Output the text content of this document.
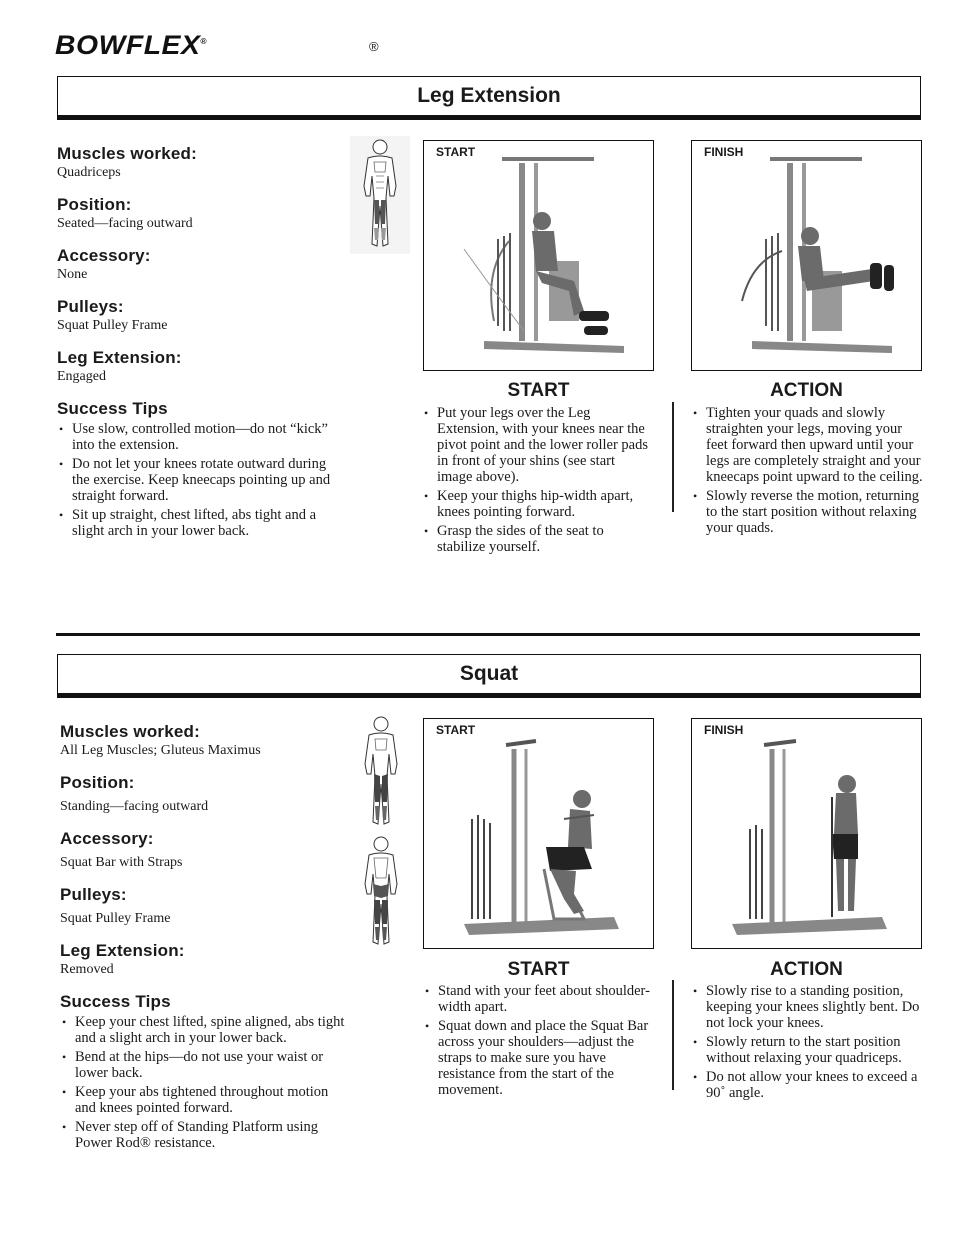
BOWFLEX®	®
Leg Extension
Muscles worked:
Quadriceps
Position:
Seated—facing outward
Accessory:
None
Pulleys:
Squat Pulley Frame
Leg Extension:
Engaged
Success Tips
• Use slow, controlled motion—do not “kick” into the extension.
• Do not let your knees rotate outward during the exercise. Keep kneecaps pointing up and straight forward.
• Sit up straight, chest lifted, abs tight and a slight arch in your lower back.
START	FINISH
START
• Put your legs over the Leg Extension, with your knees near the pivot point and the lower roller pads in front of your shins (see start image above).
• Keep your thighs hip-width apart, knees pointing forward.
• Grasp the sides of the seat to stabilize yourself.
ACTION
• Tighten your quads and slowly straighten your legs, moving your feet forward then upward until your legs are completely straight and your kneecaps point upward to the ceiling.
• Slowly reverse the motion, returning to the start position without relaxing your quads.
Squat
Muscles worked:
All Leg Muscles; Gluteus Maximus
Position:
Standing—facing outward
Accessory:
Squat Bar with Straps
Pulleys:
Squat Pulley Frame
Leg Extension:
Removed
Success Tips
• Keep your chest lifted, spine aligned, abs tight and a slight arch in your lower back.
• Bend at the hips—do not use your waist or lower back.
• Keep your abs tightened throughout motion and knees pointed forward.
• Never step off of Standing Platform using Power Rod® resistance.
START	FINISH
START
• Stand with your feet about shoulder-width apart.
• Squat down and place the Squat Bar across your shoulders—adjust the straps to make sure you have resistance from the start of the movement.
ACTION
• Slowly rise to a standing position, keeping your knees slightly bent. Do not lock your knees.
• Slowly return to the start position without relaxing your quadriceps.
• Do not allow your knees to exceed a 90˚ angle.
